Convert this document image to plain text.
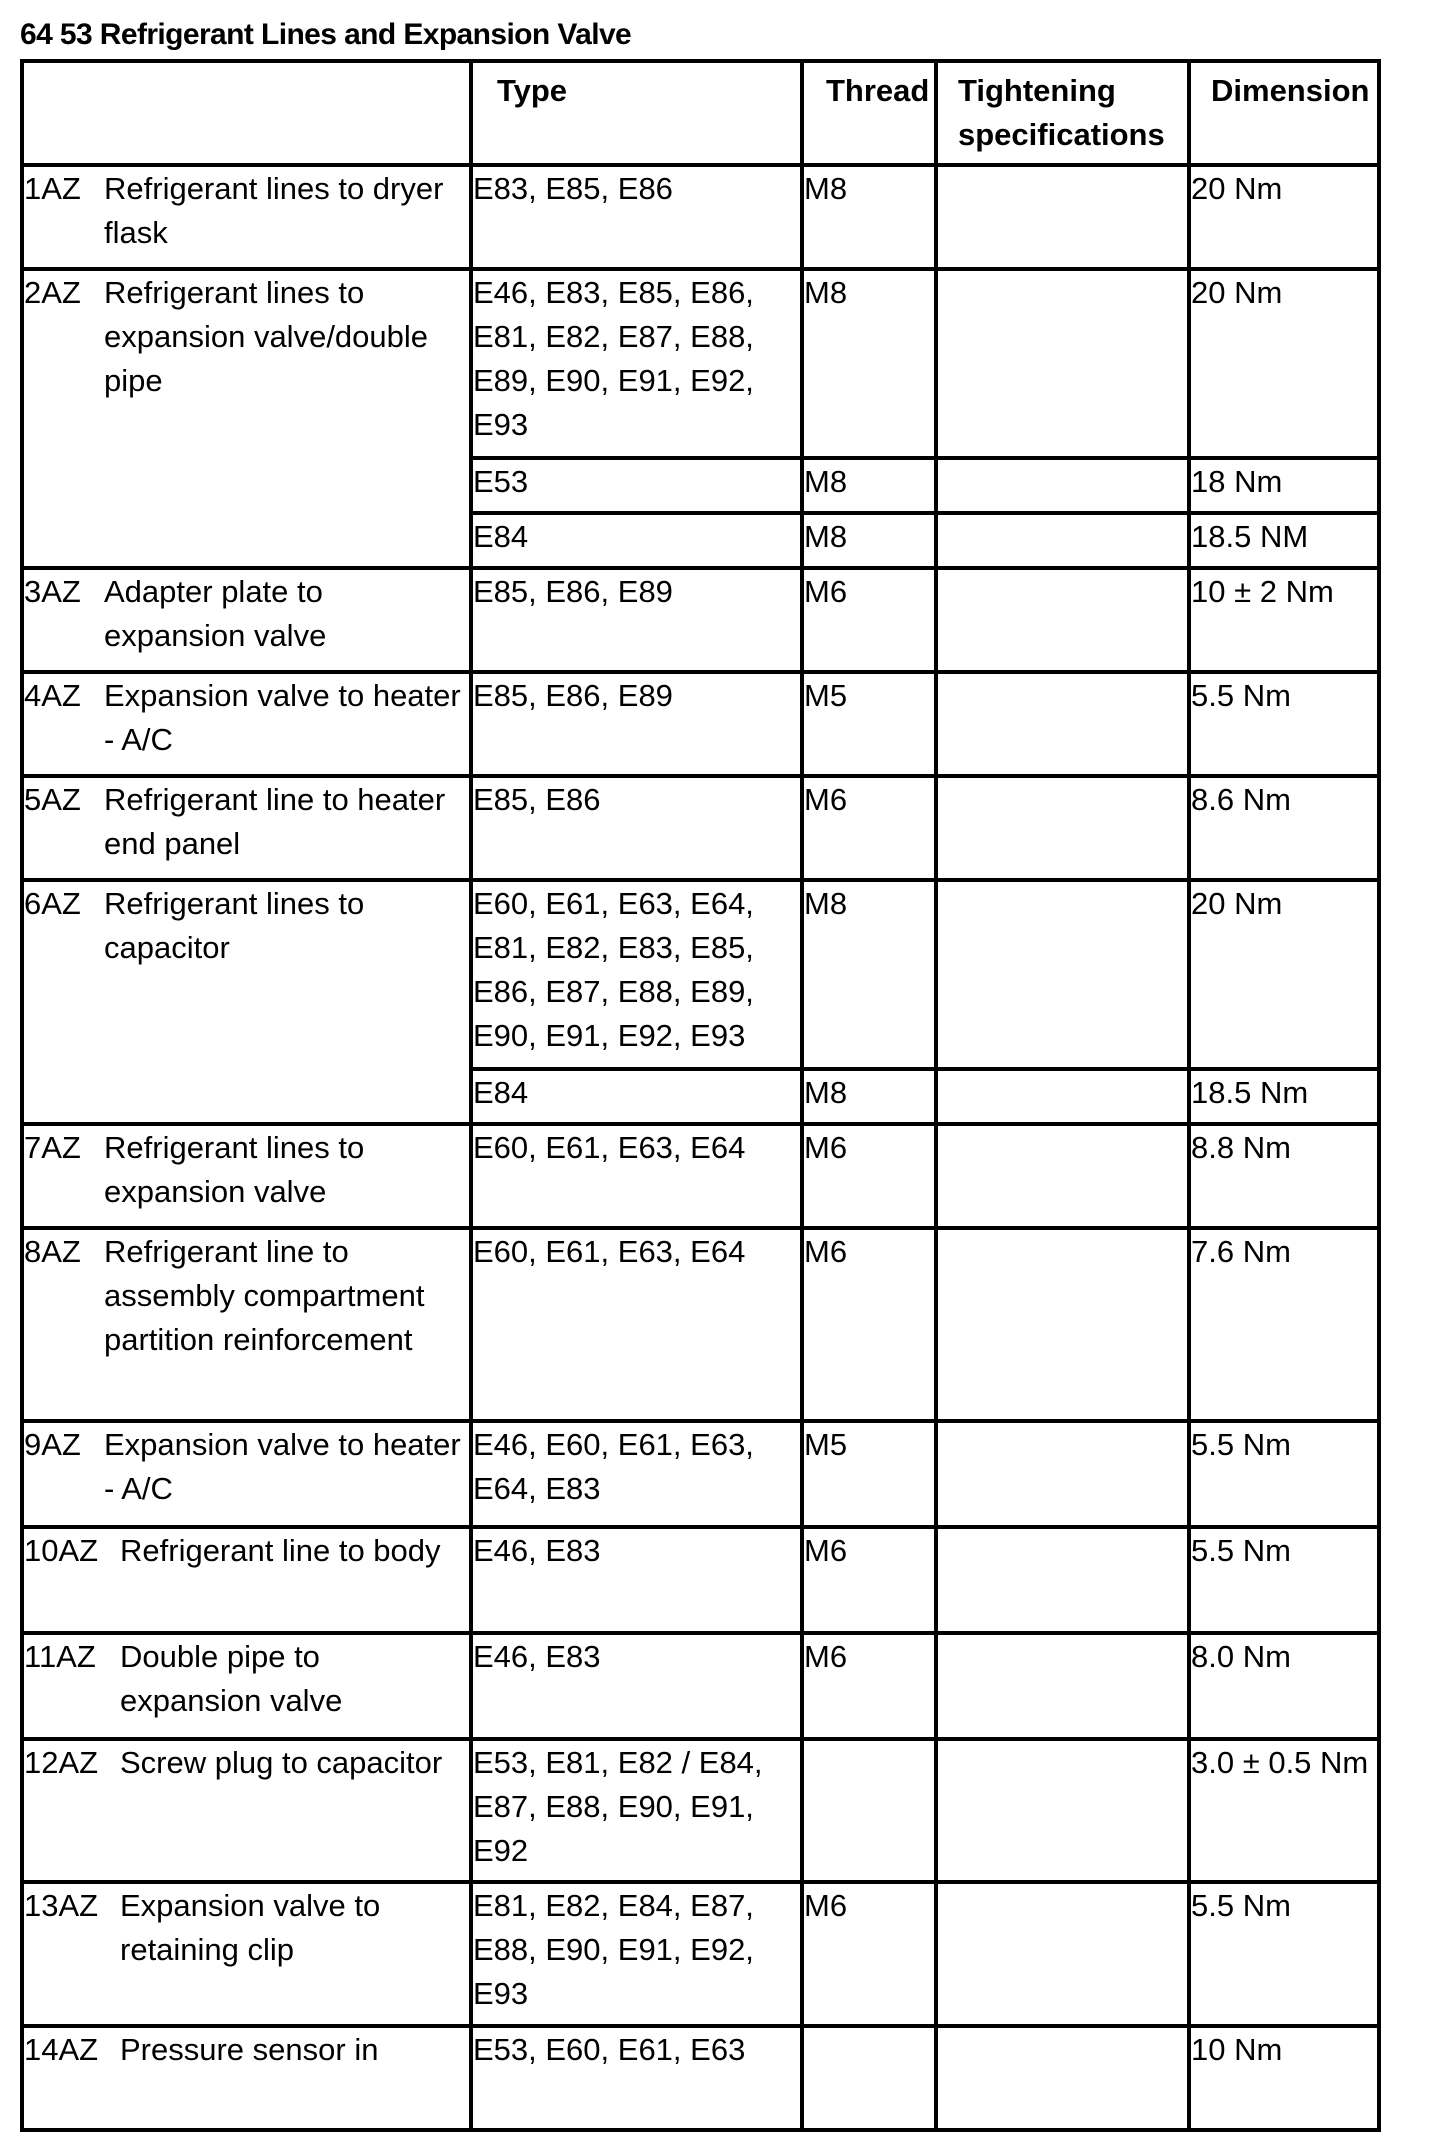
64 53 Refrigerant Lines and Expansion Valve
	Type	Thread	Tightening specifications	Dimension

1AZ Refrigerant lines to dryer flask	E83, E85, E86	M8		20 Nm

2AZ Refrigerant lines to expansion valve/double pipe	E46, E83, E85, E86, E81, E82, E87, E88, E89, E90, E91, E92, E93	M8		20 Nm
	E53	M8		18 Nm
	E84	M8		18.5 NM

3AZ Adapter plate to expansion valve	E85, E86, E89	M6		10 ± 2 Nm

4AZ Expansion valve to heater - A/C	E85, E86, E89	M5		5.5 Nm

5AZ Refrigerant line to heater end panel	E85, E86	M6		8.6 Nm

6AZ Refrigerant lines to capacitor	E60, E61, E63, E64, E81, E82, E83, E85, E86, E87, E88, E89, E90, E91, E92, E93	M8		20 Nm
	E84	M8		18.5 Nm

7AZ Refrigerant lines to expansion valve	E60, E61, E63, E64	M6		8.8 Nm

8AZ Refrigerant line to assembly compartment partition reinforcement	E60, E61, E63, E64	M6		7.6 Nm

9AZ Expansion valve to heater - A/C	E46, E60, E61, E63, E64, E83	M5		5.5 Nm

10AZ Refrigerant line to body	E46, E83	M6		5.5 Nm

11AZ Double pipe to expansion valve	E46, E83	M6		8.0 Nm

12AZ Screw plug to capacitor	E53, E81, E82 / E84, E87, E88, E90, E91, E92			3.0 ± 0.5 Nm

13AZ Expansion valve to retaining clip	E81, E82, E84, E87, E88, E90, E91, E92, E93	M6		5.5 Nm

14AZ Pressure sensor in	E53, E60, E61, E63			10 Nm
